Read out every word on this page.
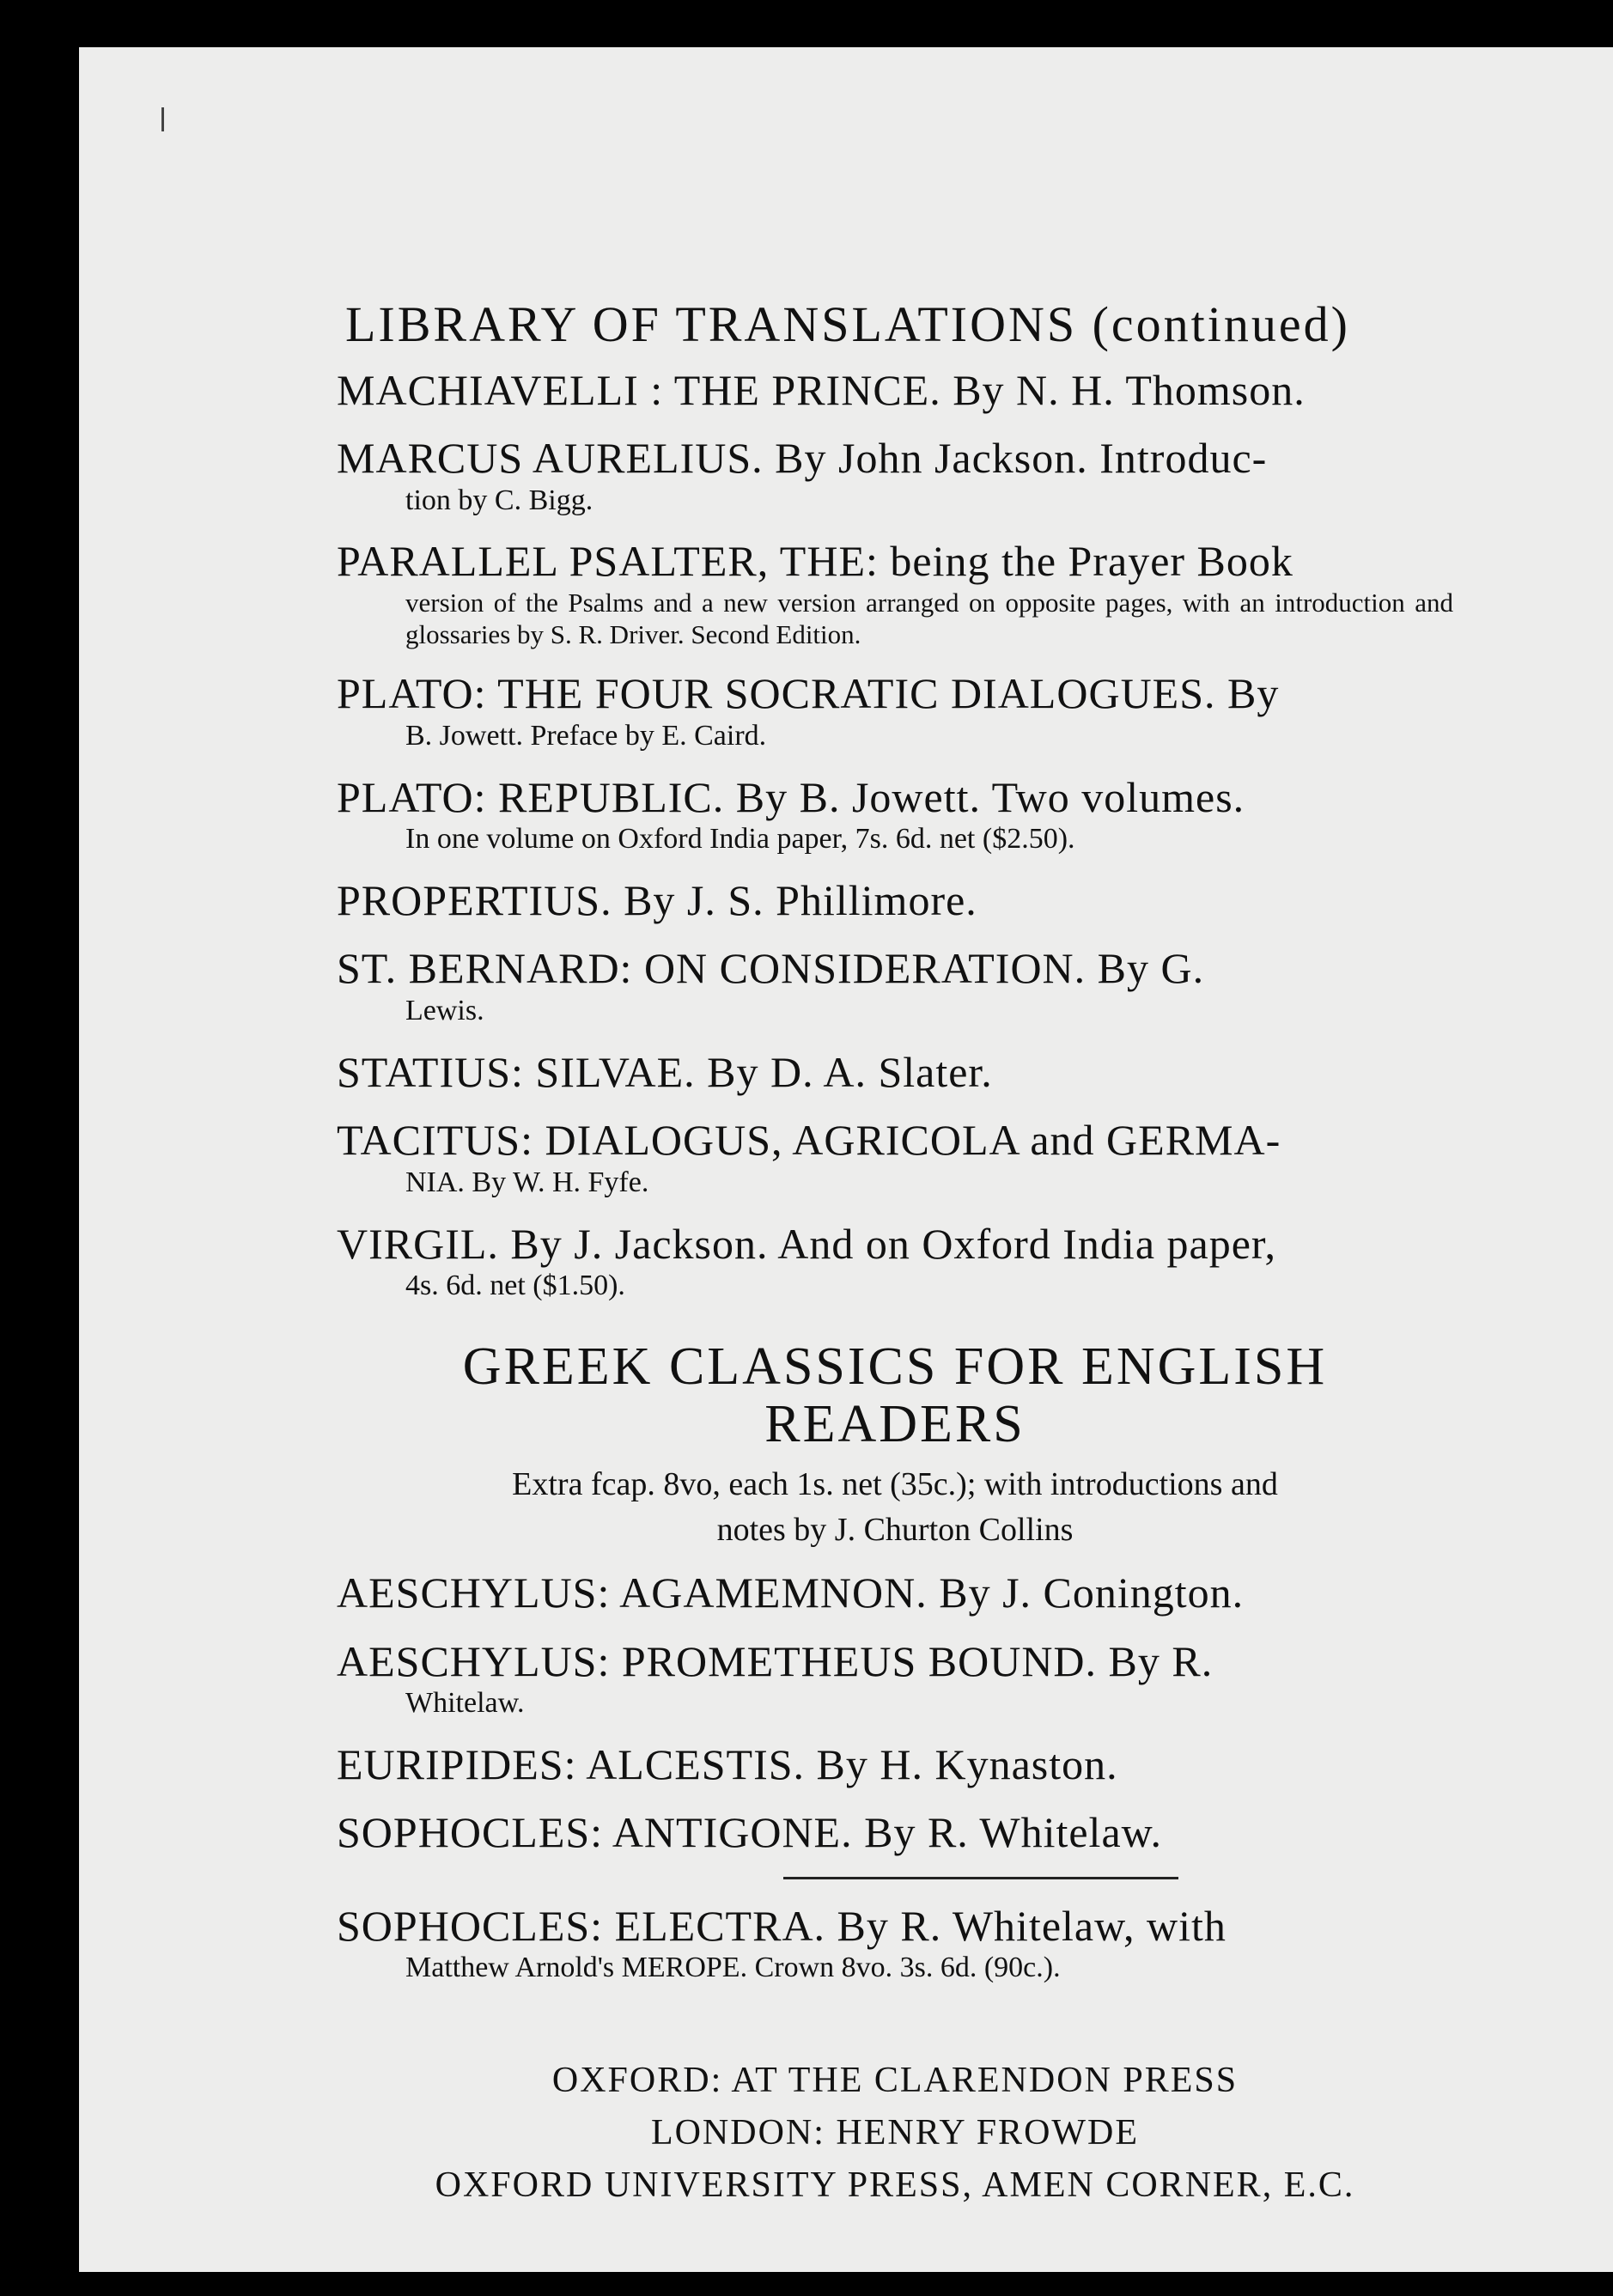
LIBRARY OF TRANSLATIONS (continued)
MACHIAVELLI : THE PRINCE. By N. H. Thomson.
MARCUS AURELIUS. By John Jackson. Introduc-
tion by C. Bigg.
PARALLEL PSALTER, THE: being the Prayer Book
version of the Psalms and a new version arranged on opposite pages, with an introduction and glossaries by S. R. Driver. Second Edition.
PLATO: THE FOUR SOCRATIC DIALOGUES. By
B. Jowett. Preface by E. Caird.
PLATO: REPUBLIC. By B. Jowett. Two volumes.
In one volume on Oxford India paper, 7s. 6d. net ($2.50).
PROPERTIUS. By J. S. Phillimore.
ST. BERNARD: ON CONSIDERATION. By G.
Lewis.
STATIUS: SILVAE. By D. A. Slater.
TACITUS: DIALOGUS, AGRICOLA and GERMA-
NIA. By W. H. Fyfe.
VIRGIL. By J. Jackson. And on Oxford India paper,
4s. 6d. net ($1.50).
GREEK CLASSICS FOR ENGLISH
READERS
Extra fcap. 8vo, each 1s. net (35c.); with introductions and
notes by J. Churton Collins
AESCHYLUS: AGAMEMNON. By J. Conington.
AESCHYLUS: PROMETHEUS BOUND. By R.
Whitelaw.
EURIPIDES: ALCESTIS. By H. Kynaston.
SOPHOCLES: ANTIGONE. By R. Whitelaw.
SOPHOCLES: ELECTRA. By R. Whitelaw, with
Matthew Arnold's MEROPE. Crown 8vo. 3s. 6d. (90c.).
OXFORD: AT THE CLARENDON PRESS
LONDON: HENRY FROWDE
OXFORD UNIVERSITY PRESS, AMEN CORNER, E.C.
